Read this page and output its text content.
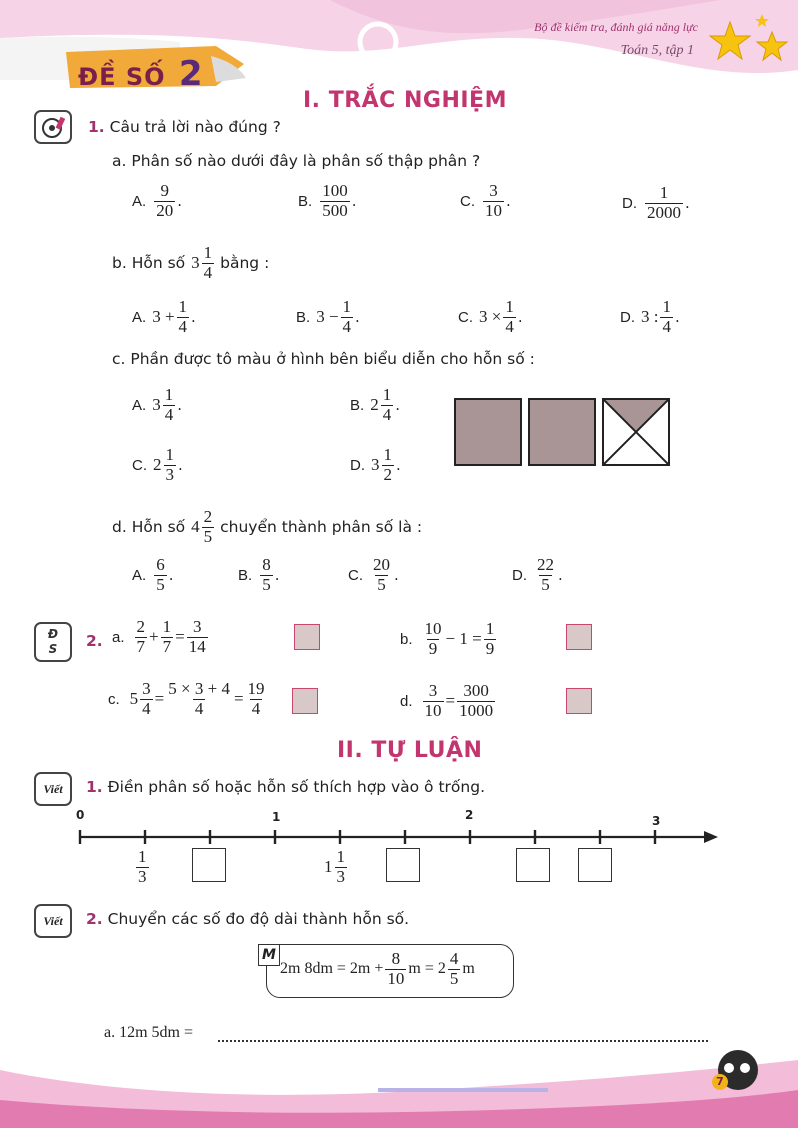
Bộ đề kiểm tra, đánh giá năng lực
Toán 5, tập 1
ĐỀ SỐ 2
I. TRẮC NGHIỆM
1. Câu trả lời nào đúng ?
a. Phân số nào dưới đây là phân số thập phân ?
A. $\frac{9}{20}$ .	B. $\frac{100}{500}$ .	C. $\frac{3}{10}$ .	D. $\frac{1}{2000}$ .
b. Hỗn số $3 \frac{1}{4}$ bằng :
A. $3 + \frac{1}{4}$ .	B. $3 - \frac{1}{4}$ .	C. $3 \times \frac{1}{4}$ .	D. 3 : $\frac{1}{4}$ .
c. Phần được tô màu ở hình bên biểu diễn cho hỗn số :
A. $3 \frac{1}{4}$ .	B. $2 \frac{1}{4}$ .
C. $2 \frac{1}{3}$ .	D. $3 \frac{1}{2}$ .
d. Hỗn số $4 \frac{2}{5}$ chuyển thành phân số là :
A. $\frac{6}{5}$ .	B. $\frac{8}{5}$ .	C. $\frac{20}{5}$ .	D. $\frac{22}{5}$ .
Đ S 2. a. $\frac{2}{7} + \frac{1}{7} = \frac{3}{14}$	b. $\frac{10}{9} - 1 = \frac{1}{9}$
c. $5 \frac{3}{4} = \frac{5 \times 3 + 4}{4} = \frac{19}{4}$	d. $\frac{3}{10} = \frac{300}{1000}$
II. TỰ LUẬN
Viết 1. Điền phân số hoặc hỗn số thích hợp vào ô trống.
0	1	2	3
$\frac{1}{3}$	$1 \frac{1}{3}$
Viết 2. Chuyển các số đo độ dài thành hỗn số.
M
2m $8dm = 2m + \frac{8}{10}$ $m = 2 \frac{4}{5}$ m
a. 12m 5dm =
7
